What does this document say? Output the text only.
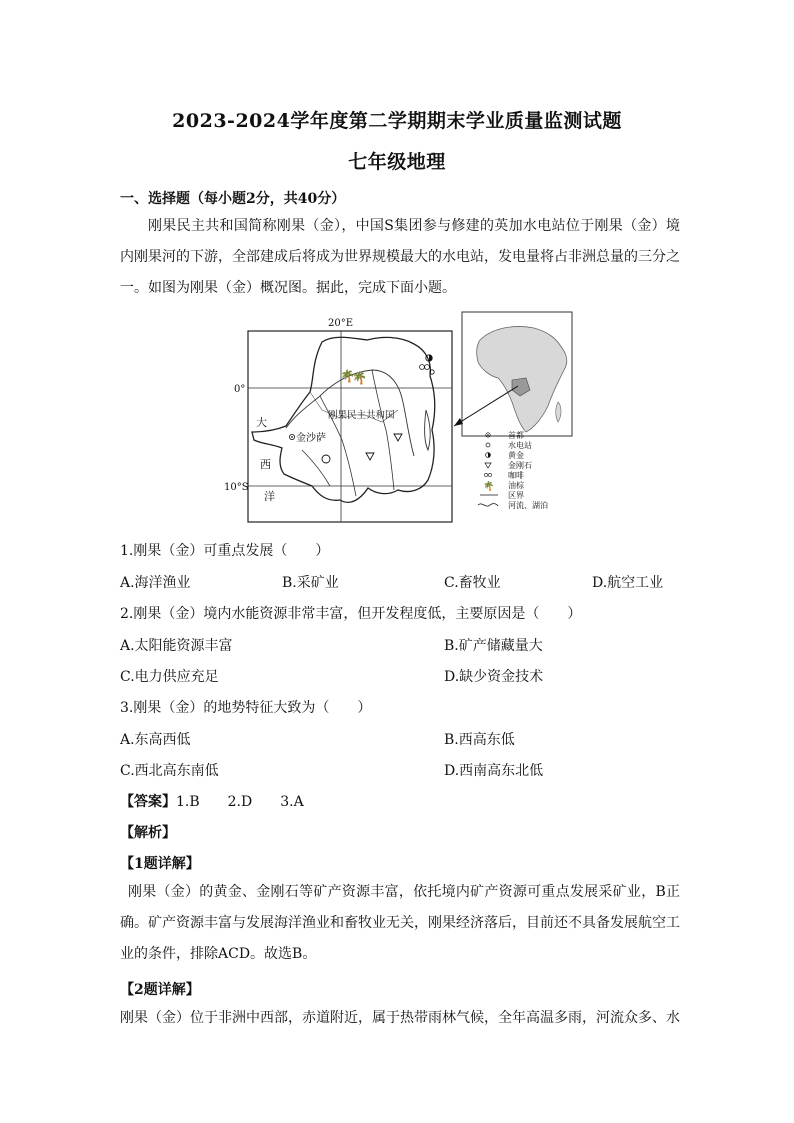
2023-2024学年度第二学期期末学业质量监测试题
七年级地理
一、选择题（每小题2分，共40分）
刚果民主共和国简称刚果（金），中国S集团参与修建的英加水电站位于刚果（金）境内刚果河的下游，全部建成后将成为世界规模最大的水电站，发电量将占非洲总量的三分之一。如图为刚果（金）概况图。据此，完成下面小题。
20°E
0°
10°S
刚果民主共和国
金沙萨
大
西
洋
🌴
🌴
首都
水电站
黄金
金刚石
咖啡
🌴 油棕
区界
河流、湖泊
1.刚果（金）可重点发展（　　）
A.海洋渔业	B.采矿业	C.畜牧业	D.航空工业
2.刚果（金）境内水能资源非常丰富，但开发程度低，主要原因是（　　）
A.太阳能资源丰富	B.矿产储藏量大
C.电力供应充足	D.缺少资金技术
3.刚果（金）的地势特征大致为（　　）
A.东高西低	B.西高东低
C.西北高东南低	D.西南高东北低
【答案】1.B　　2.D　　3.A
【解析】
【1题详解】
刚果（金）的黄金、金刚石等矿产资源丰富，依托境内矿产资源可重点发展采矿业，B正确。矿产资源丰富与发展海洋渔业和畜牧业无关，刚果经济落后，目前还不具备发展航空工业的条件，排除ACD。故选B。
【2题详解】
刚果（金）位于非洲中西部，赤道附近，属于热带雨林气候，全年高温多雨，河流众多、水
